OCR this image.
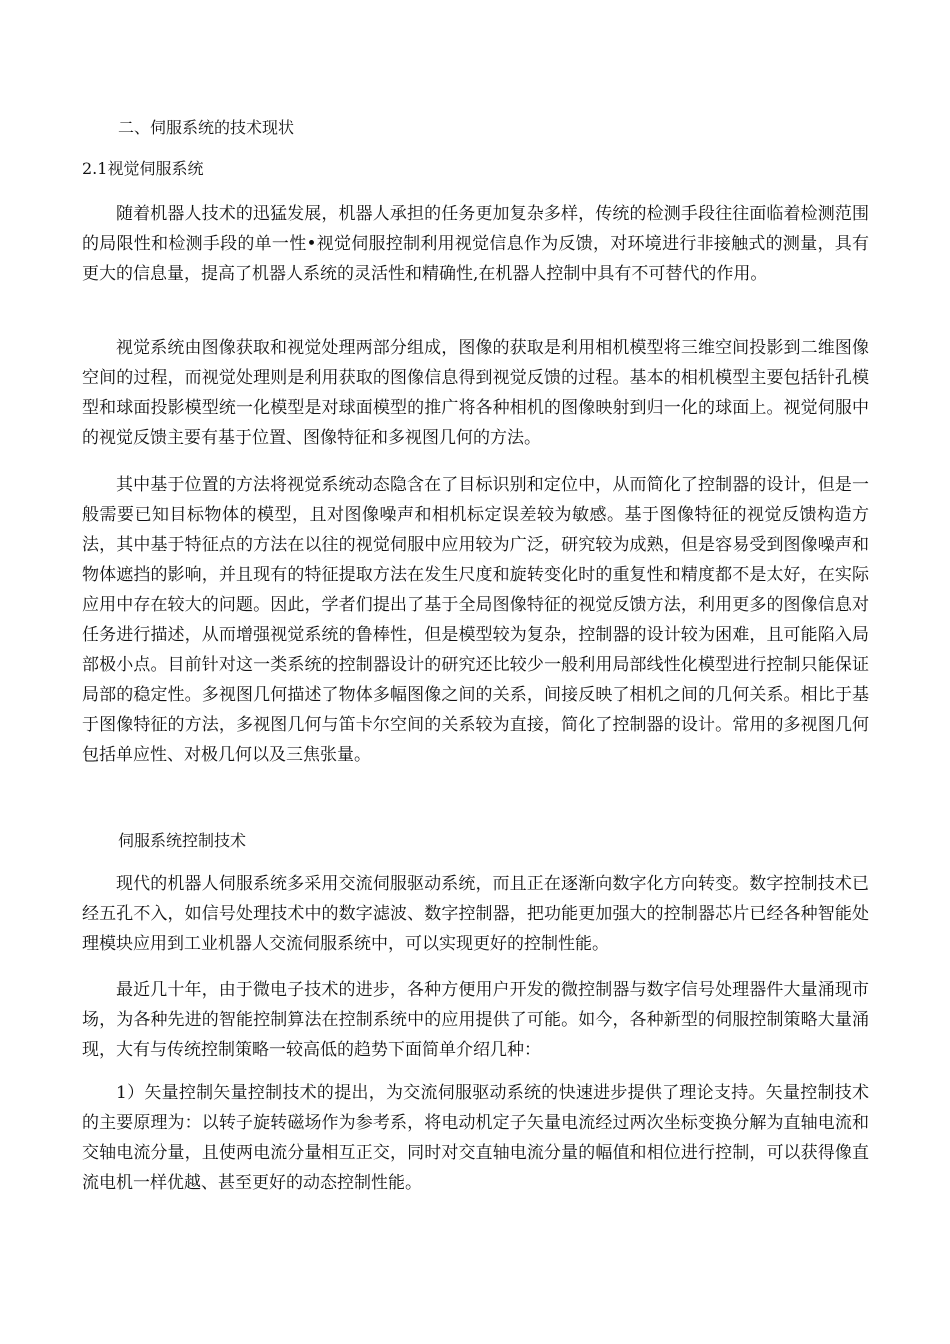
二、伺服系统的技术现状
2.1视觉伺服系统

随着机器人技术的迅猛发展，机器人承担的任务更加复杂多样，传统的检测手段往往面临着检测范围的局限性和检测手段的单一性•视觉伺服控制利用视觉信息作为反馈，对环境进行非接触式的测量，具有更大的信息量，提高了机器人系统的灵活性和精确性,在机器人控制中具有不可替代的作用。

视觉系统由图像获取和视觉处理两部分组成，图像的获取是利用相机模型将三维空间投影到二维图像空间的过程，而视觉处理则是利用获取的图像信息得到视觉反馈的过程。基本的相机模型主要包括针孔模型和球面投影模型统一化模型是对球面模型的推广将各种相机的图像映射到归一化的球面上。视觉伺服中的视觉反馈主要有基于位置、图像特征和多视图几何的方法。

其中基于位置的方法将视觉系统动态隐含在了目标识别和定位中，从而简化了控制器的设计，但是一般需要已知目标物体的模型，且对图像噪声和相机标定误差较为敏感。基于图像特征的视觉反馈构造方法，其中基于特征点的方法在以往的视觉伺服中应用较为广泛，研究较为成熟，但是容易受到图像噪声和物体遮挡的影响，并且现有的特征提取方法在发生尺度和旋转变化时的重复性和精度都不是太好，在实际应用中存在较大的问题。因此，学者们提出了基于全局图像特征的视觉反馈方法，利用更多的图像信息对任务进行描述，从而增强视觉系统的鲁棒性，但是模型较为复杂，控制器的设计较为困难，且可能陷入局部极小点。目前针对这一类系统的控制器设计的研究还比较少一般利用局部线性化模型进行控制只能保证局部的稳定性。多视图几何描述了物体多幅图像之间的关系，间接反映了相机之间的几何关系。相比于基于图像特征的方法，多视图几何与笛卡尔空间的关系较为直接，简化了控制器的设计。常用的多视图几何包括单应性、对极几何以及三焦张量。

伺服系统控制技术

现代的机器人伺服系统多采用交流伺服驱动系统，而且正在逐渐向数字化方向转变。数字控制技术已经五孔不入，如信号处理技术中的数字滤波、数字控制器，把功能更加强大的控制器芯片已经各种智能处理模块应用到工业机器人交流伺服系统中，可以实现更好的控制性能。

最近几十年，由于微电子技术的进步，各种方便用户开发的微控制器与数字信号处理器件大量涌现市场，为各种先进的智能控制算法在控制系统中的应用提供了可能。如今，各种新型的伺服控制策略大量涌现，大有与传统控制策略一较高低的趋势下面简单介绍几种：

1）矢量控制矢量控制技术的提出，为交流伺服驱动系统的快速进步提供了理论支持。矢量控制技术的主要原理为：以转子旋转磁场作为参考系，将电动机定子矢量电流经过两次坐标变换分解为直轴电流和交轴电流分量，且使两电流分量相互正交，同时对交直轴电流分量的幅值和相位进行控制，可以获得像直流电机一样优越、甚至更好的动态控制性能。
